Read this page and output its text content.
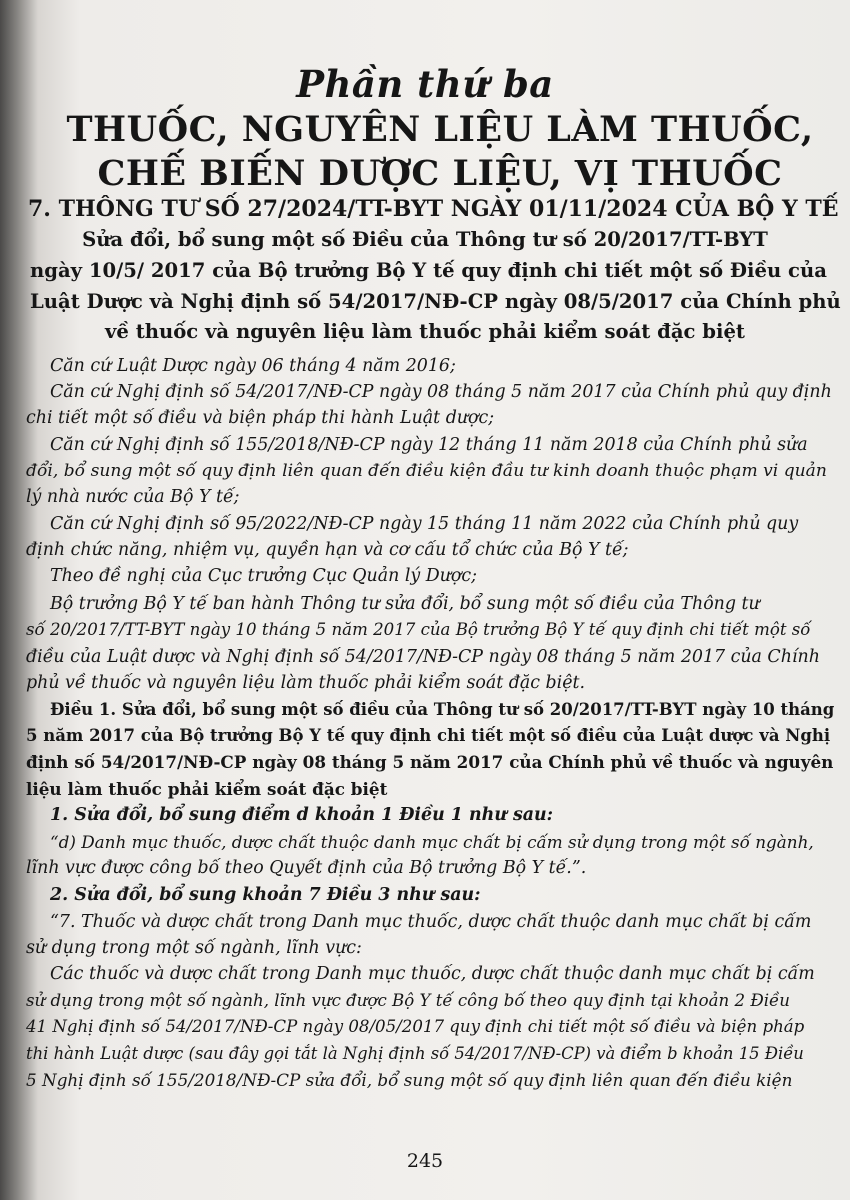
Phần thứ ba
THUỐC, NGUYÊN LIỆU LÀM THUỐC,
CHẾ BIẾN DƯỢC LIỆU, VỊ THUỐC
7. THÔNG TƯ SỐ 27/2024/TT-BYT NGÀY 01/11/2024 CỦA BỘ Y TẾ
Sửa đổi, bổ sung một số Điều của Thông tư số 20/2017/TT-BYT
ngày 10/5/ 2017 của Bộ trưởng Bộ Y tế quy định chi tiết một số Điều của
Luật Dược và Nghị định số 54/2017/NĐ-CP ngày 08/5/2017 của Chính phủ
về thuốc và nguyên liệu làm thuốc phải kiểm soát đặc biệt
Căn cứ Luật Dược ngày 06 tháng 4 năm 2016;
Căn cứ Nghị định số 54/2017/NĐ-CP ngày 08 tháng 5 năm 2017 của Chính phủ quy định
chi tiết một số điều và biện pháp thi hành Luật dược;
Căn cứ Nghị định số 155/2018/NĐ-CP ngày 12 tháng 11 năm 2018 của Chính phủ sửa
đổi, bổ sung một số quy định liên quan đến điều kiện đầu tư kinh doanh thuộc phạm vi quản
lý nhà nước của Bộ Y tế;
Căn cứ Nghị định số 95/2022/NĐ-CP ngày 15 tháng 11 năm 2022 của Chính phủ quy
định chức năng, nhiệm vụ, quyền hạn và cơ cấu tổ chức của Bộ Y tế;
Theo đề nghị của Cục trưởng Cục Quản lý Dược;
Bộ trưởng Bộ Y tế ban hành Thông tư sửa đổi, bổ sung một số điều của Thông tư
số 20/2017/TT-BYT ngày 10 tháng 5 năm 2017 của Bộ trưởng Bộ Y tế quy định chi tiết một số
điều của Luật dược và Nghị định số 54/2017/NĐ-CP ngày 08 tháng 5 năm 2017 của Chính
phủ về thuốc và nguyên liệu làm thuốc phải kiểm soát đặc biệt.
Điều 1. Sửa đổi, bổ sung một số điều của Thông tư số 20/2017/TT-BYT ngày 10 tháng
5 năm 2017 của Bộ trưởng Bộ Y tế quy định chi tiết một số điều của Luật dược và Nghị
định số 54/2017/NĐ-CP ngày 08 tháng 5 năm 2017 của Chính phủ về thuốc và nguyên
liệu làm thuốc phải kiểm soát đặc biệt
1. Sửa đổi, bổ sung điểm d khoản 1 Điều 1 như sau:
“d) Danh mục thuốc, dược chất thuộc danh mục chất bị cấm sử dụng trong một số ngành,
lĩnh vực được công bố theo Quyết định của Bộ trưởng Bộ Y tế.”.
2. Sửa đổi, bổ sung khoản 7 Điều 3 như sau:
“7. Thuốc và dược chất trong Danh mục thuốc, dược chất thuộc danh mục chất bị cấm
sử dụng trong một số ngành, lĩnh vực:
Các thuốc và dược chất trong Danh mục thuốc, dược chất thuộc danh mục chất bị cấm
sử dụng trong một số ngành, lĩnh vực được Bộ Y tế công bố theo quy định tại khoản 2 Điều
41 Nghị định số 54/2017/NĐ-CP ngày 08/05/2017 quy định chi tiết một số điều và biện pháp
thi hành Luật dược (sau đây gọi tắt là Nghị định số 54/2017/NĐ-CP) và điểm b khoản 15 Điều
5 Nghị định số 155/2018/NĐ-CP sửa đổi, bổ sung một số quy định liên quan đến điều kiện
245
